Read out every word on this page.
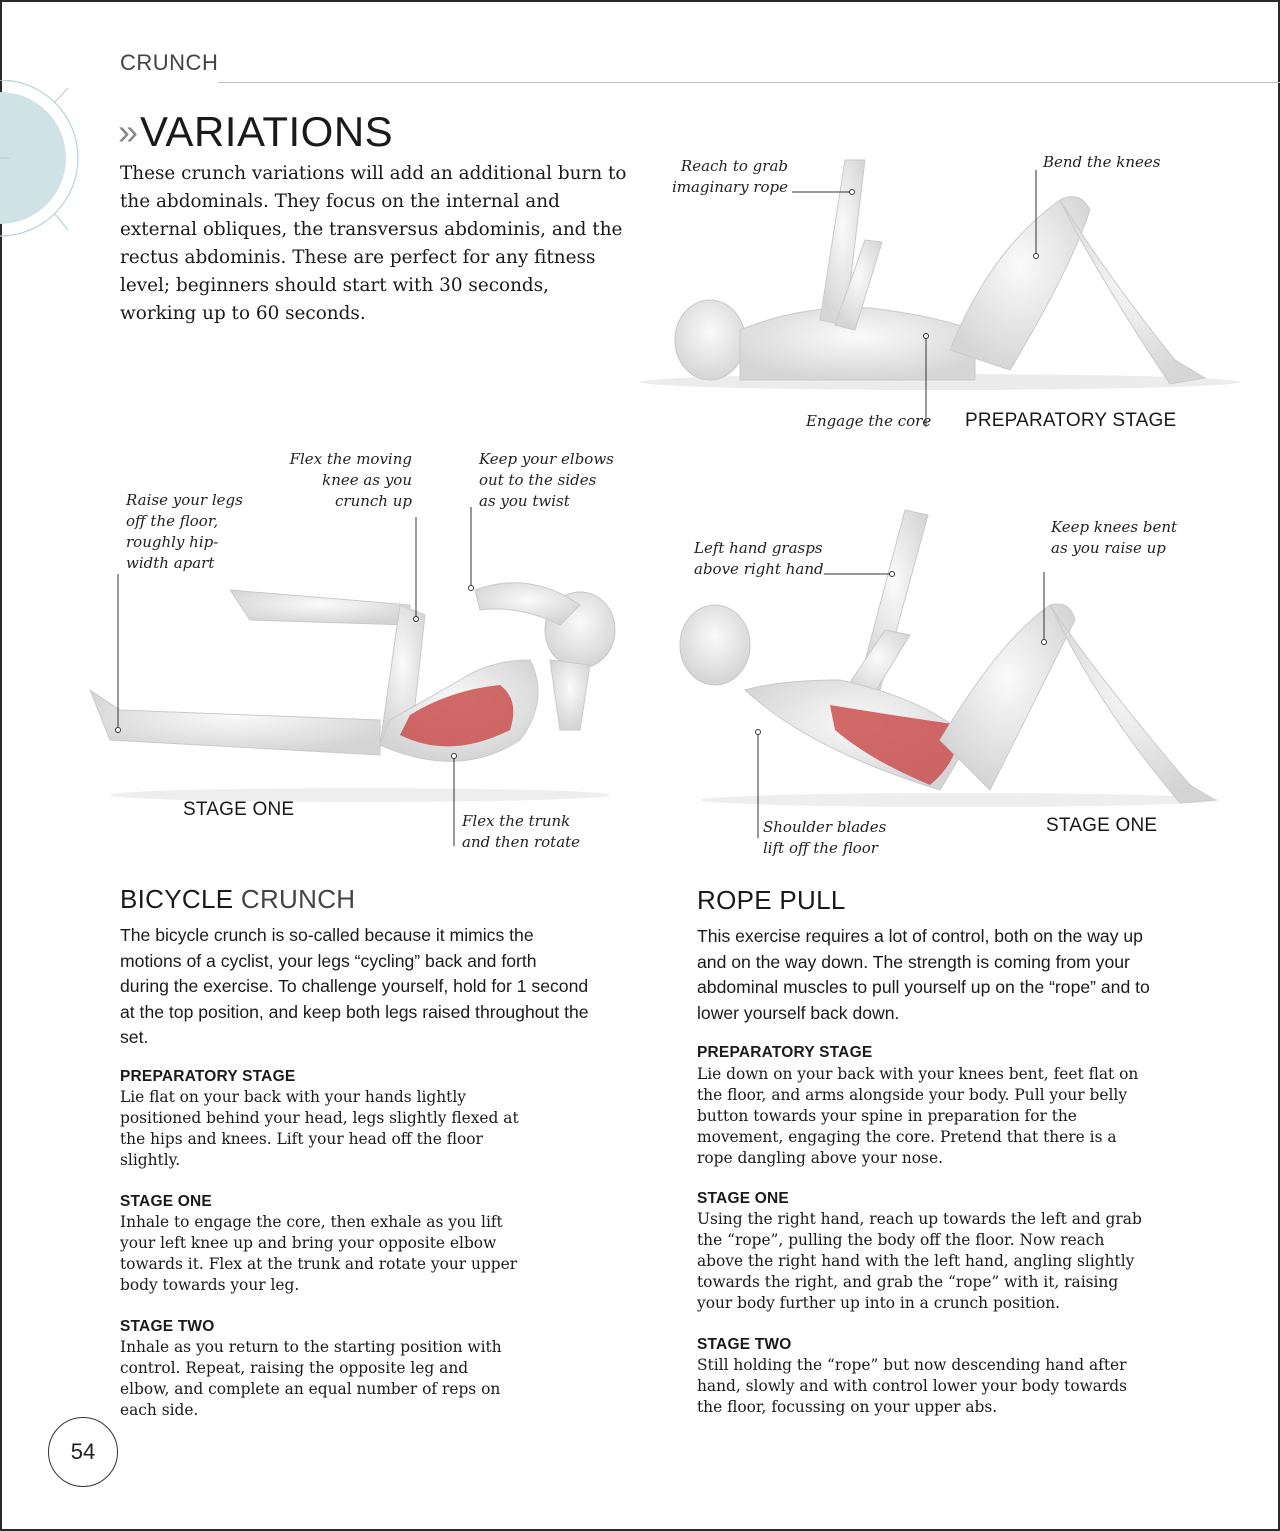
CRUNCH
» VARIATIONS
These crunch variations will add an additional burn to the abdominals. They focus on the internal and external obliques, the transversus abdominis, and the rectus abdominis. These are perfect for any fitness level; beginners should start with 30 seconds, working up to 60 seconds.
Reach to grab
imaginary rope
Bend the knees
Engage the core PREPARATORY STAGE
Raise your legs
off the floor,
roughly hip-
width apart
Flex the moving
knee as you
crunch up
Keep your elbows
out to the sides
as you twist
Flex the trunk
and then rotate
STAGE ONE
Left hand grasps
above right hand
Keep knees bent
as you raise up
Shoulder blades
lift off the floor
STAGE ONE
BICYCLE CRUNCH
The bicycle crunch is so-called because it mimics the motions of a cyclist, your legs “cycling” back and forth during the exercise. To challenge yourself, hold for 1 second at the top position, and keep both legs raised throughout the set.
PREPARATORY STAGE
Lie flat on your back with your hands lightly positioned behind your head, legs slightly flexed at the hips and knees. Lift your head off the floor slightly.
STAGE ONE
Inhale to engage the core, then exhale as you lift your left knee up and bring your opposite elbow towards it. Flex at the trunk and rotate your upper body towards your leg.
STAGE TWO
Inhale as you return to the starting position with control. Repeat, raising the opposite leg and elbow, and complete an equal number of reps on each side.
ROPE PULL
This exercise requires a lot of control, both on the way up and on the way down. The strength is coming from your abdominal muscles to pull yourself up on the “rope” and to lower yourself back down.
PREPARATORY STAGE
Lie down on your back with your knees bent, feet flat on the floor, and arms alongside your body. Pull your belly button towards your spine in preparation for the movement, engaging the core. Pretend that there is a rope dangling above your nose.
STAGE ONE
Using the right hand, reach up towards the left and grab the “rope”, pulling the body off the floor. Now reach above the right hand with the left hand, angling slightly towards the right, and grab the “rope” with it, raising your body further up into in a crunch position.
STAGE TWO
Still holding the “rope” but now descending hand after hand, slowly and with control lower your body towards the floor, focussing on your upper abs.
54
